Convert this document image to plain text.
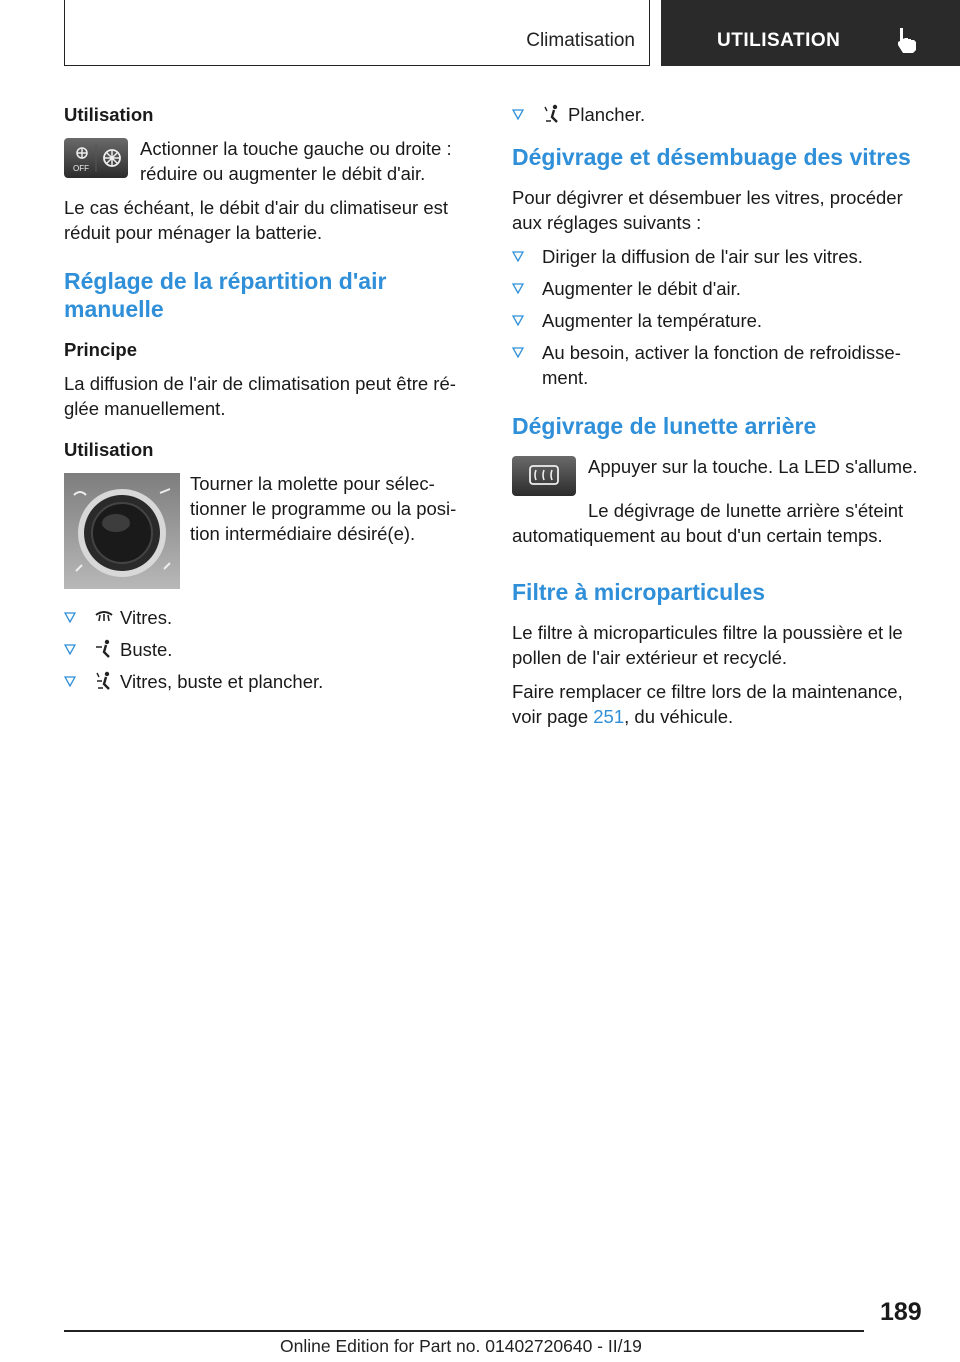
Climatisation	UTILISATION
Utilisation
OFF
Actionner la touche gauche ou droite : réduire ou augmenter le débit d'air.

Le cas échéant, le débit d'air du climatiseur est réduit pour ménager la batterie.

Réglage de la répartition d'air manuelle
Principe

La diffusion de l'air de climatisation peut être ré‐ glée manuellement.

Utilisation
Tourner la molette pour sélec‐ tionner le programme ou la posi‐ tion intermédiaire désiré(e).
Vitres.
Buste.
Vitres, buste et plancher.
Plancher.
Dégivrage et désembuage des vitres

Pour dégivrer et désembuer les vitres, procéder aux réglages suivants :

Diriger la diffusion de l'air sur les vitres.
Augmenter le débit d'air.
Augmenter la température.
Au besoin, activer la fonction de refroidisse‐ ment.
Dégivrage de lunette arrière
Appuyer sur la touche. La LED s'allume.

Le dégivrage de lunette arrière s'éteint automatiquement au bout d'un certain temps.

Filtre à microparticules

Le filtre à microparticules filtre la poussière et le pollen de l'air extérieur et recyclé.

Faire remplacer ce filtre lors de la maintenance, voir page 251, du véhicule.

189
Online Edition for Part no. 01402720640 - II/19
